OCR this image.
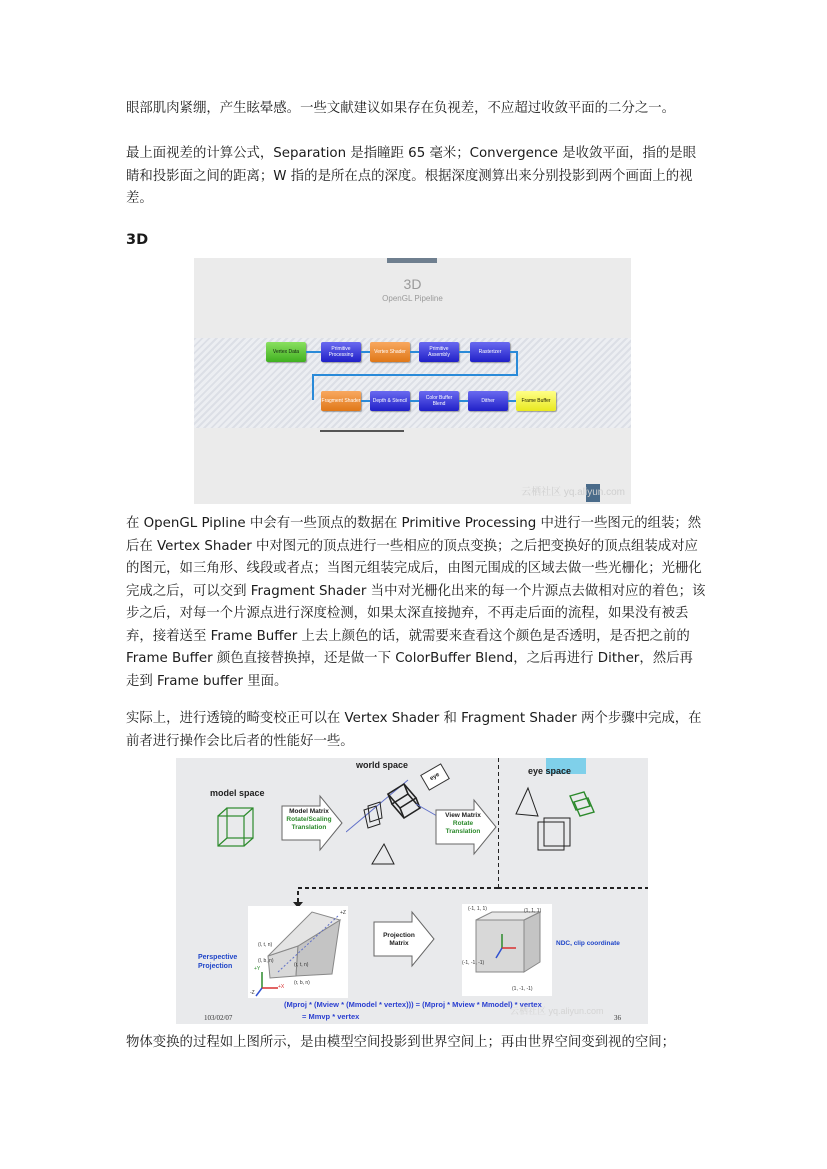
眼部肌肉紧绷，产生眩晕感。一些文献建议如果存在负视差，不应超过收敛平面的二分之一。

最上面视差的计算公式，Separation 是指瞳距 65 毫米；Convergence 是收敛平面，指的是眼睛和投影面之间的距离；W 指的是所在点的深度。根据深度测算出来分别投影到两个画面上的视差。

3D
3D
OpenGL Pipeline
Vertex Data	Primitive Processing	Vertex Shader	Primitive Assembly	Rasterizer
Fragment Shader	Depth & Stencil	Color Buffer Blend	Dither	Frame Buffer
云栖社区 yq.aliyun.com

在 OpenGL Pipline 中会有一些顶点的数据在 Primitive Processing 中进行一些图元的组装；然后在 Vertex Shader 中对图元的顶点进行一些相应的顶点变换；之后把变换好的顶点组装成对应的图元，如三角形、线段或者点；当图元组装完成后，由图元围成的区域去做一些光栅化；光栅化完成之后，可以交到 Fragment Shader 当中对光栅化出来的每一个片源点去做相对应的着色；该步之后，对每一个片源点进行深度检测，如果太深直接抛弃，不再走后面的流程，如果没有被丢弃，接着送至 Frame Buffer 上去上颜色的话，就需要来查看这个颜色是否透明，是否把之前的 Frame Buffer 颜色直接替换掉，还是做一下 ColorBuffer Blend，之后再进行 Dither，然后再走到 Frame buffer 里面。

实际上，进行透镜的畸变校正可以在 Vertex Shader 和 Fragment Shader 两个步骤中完成，在前者进行操作会比后者的性能好一些。

model space
world space
eye space
eye
Model Matrix
Rotate/Scaling
Translation
View Matrix
Rotate
Translation
(l, t, n)
(l, b, n)
(r, b, n)
(r, t, n)
+X
+Y
+Z
-Z
Perspective
Projection
Projection
Matrix
(-1, 1, 1)	(1, 1, 1)
(-1, -1, -1)
(1, -1, -1)
NDC, clip coordinate
(Mproj * (Mview * (Mmodel * vertex))) = (Mproj * Mview * Mmodel) * vertex
= Mmvp * vertex
103/02/07	36
云栖社区 yq.aliyun.com

物体变换的过程如上图所示，是由模型空间投影到世界空间上；再由世界空间变到视的空间；
